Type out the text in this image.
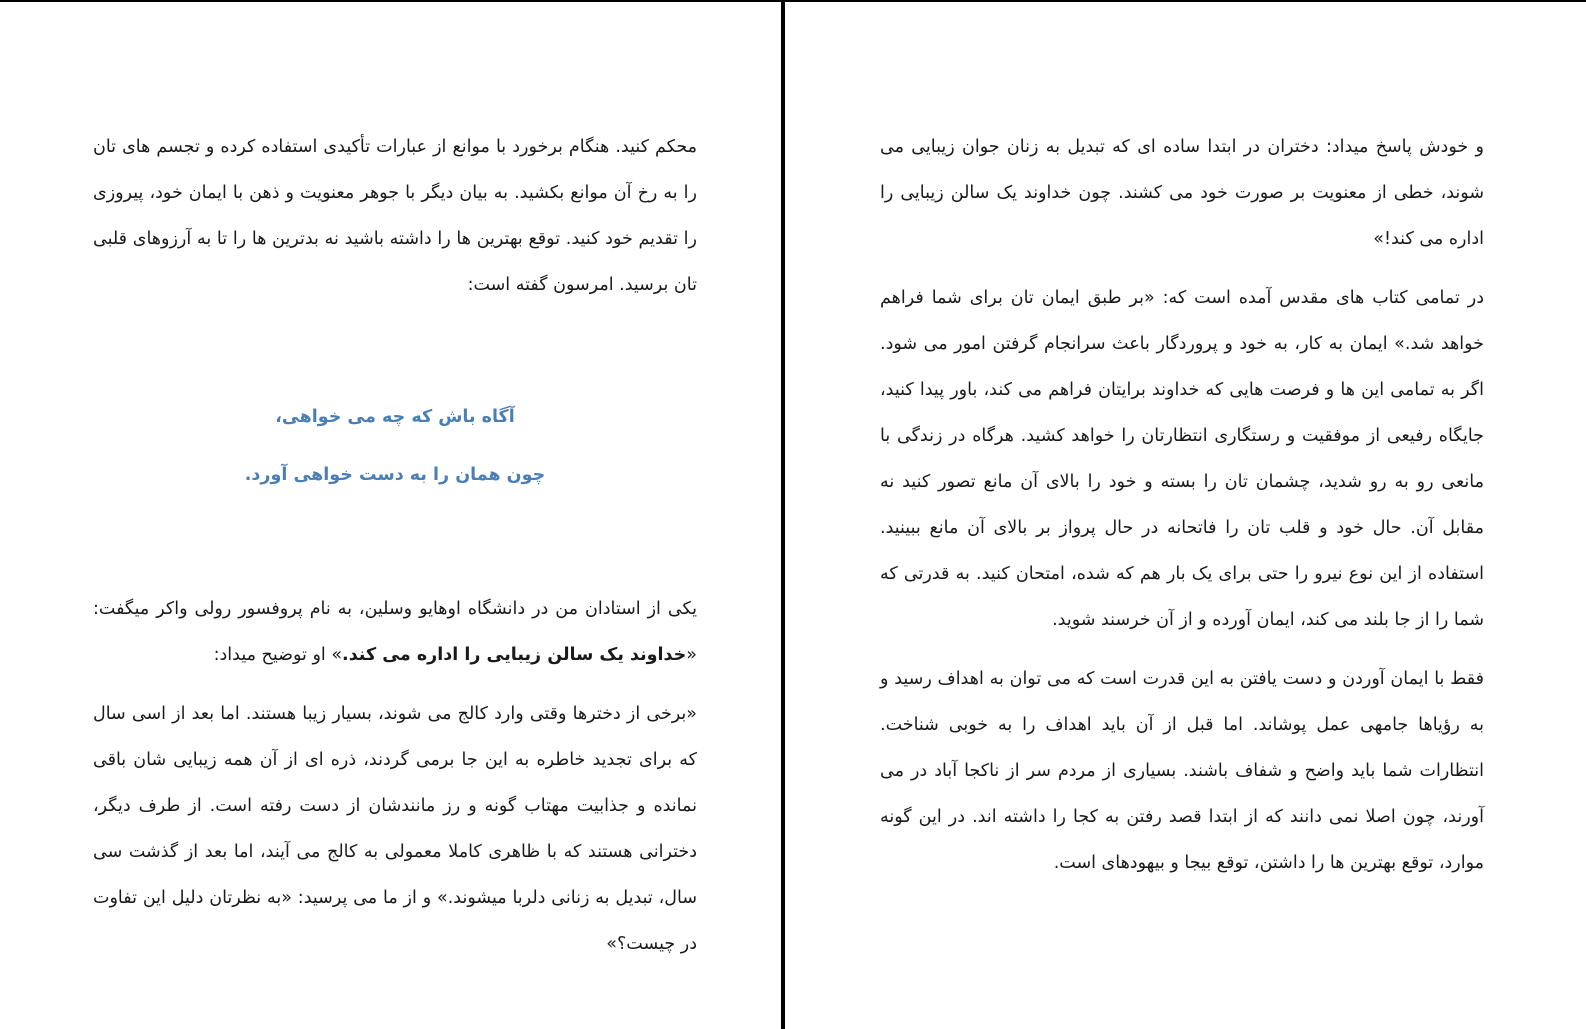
محکم کنید. هنگام برخورد با موانع از عبارات تأکیدی استفاده کرده و تجسم های تان را به رخ آن موانع بکشید. به بیان دیگر با جوهر معنویت و ذهن با ایمان خود، پیروزی را تقدیم خود کنید. توقع بهترین ها را داشته باشید نه بدترین ها را تا به آرزوهای قلبی تان برسید. امرسون گفته است:

آگاه باش که چه می خواهی،
چون همان را به دست خواهی آورد.

یکی از استادان من در دانشگاه اوهایو وسلین، به نام پروفسور رولی واکر میگفت: «خداوند یک سالن زیبایی را اداره می کند.» او توضیح میداد:

«برخی از دخترها وقتی وارد کالج می شوند، بسیار زیبا هستند. اما بعد از اسی سال که برای تجدید خاطره به این جا برمی گردند، ذره ای از آن همه زیبایی شان باقی نمانده و جذابیت مهتاب گونه و رز مانندشان از دست رفته است. از طرف دیگر، دخترانی هستند که با ظاهری کاملا معمولی به کالج می آیند، اما بعد از گذشت سی سال، تبدیل به زنانی دلربا میشوند.» و از ما می پرسید: «به نظرتان دلیل این تفاوت در چیست؟»

و خودش پاسخ میداد: دختران در ابتدا ساده ای که تبدیل به زنان جوان زیبایی می شوند، خطی از معنویت بر صورت خود می کشند. چون خداوند یک سالن زیبایی را اداره می کند!»

در تمامی کتاب های مقدس آمده است که: «بر طبق ایمان تان برای شما فراهم خواهد شد.» ایمان به کار، به خود و پروردگار باعث سرانجام گرفتن امور می شود. اگر به تمامی این ها و فرصت هایی که خداوند برایتان فراهم می کند، باور پیدا کنید، جایگاه رفیعی از موفقیت و رستگاری انتظارتان را خواهد کشید. هرگاه در زندگی با مانعی رو به رو شدید، چشمان تان را بسته و خود را بالای آن مانع تصور کنید نه مقابل آن. حال خود و قلب تان را فاتحانه در حال پرواز بر بالای آن مانع ببینید. استفاده از این نوع نیرو را حتی برای یک بار هم که شده، امتحان کنید. به قدرتی که شما را از جا بلند می کند، ایمان آورده و از آن خرسند شوید.

فقط با ایمان آوردن و دست یافتن به این قدرت است که می توان به اهداف رسید و به رؤیاها جامهی عمل پوشاند. اما قبل از آن باید اهداف را به خوبی شناخت. انتظارات شما باید واضح و شفاف باشند. بسیاری از مردم سر از ناکجا آباد در می آورند، چون اصلا نمی دانند که از ابتدا قصد رفتن به کجا را داشته اند. در این گونه موارد، توقع بهترین ها را داشتن، توقع بیجا و بیهودهای است.
